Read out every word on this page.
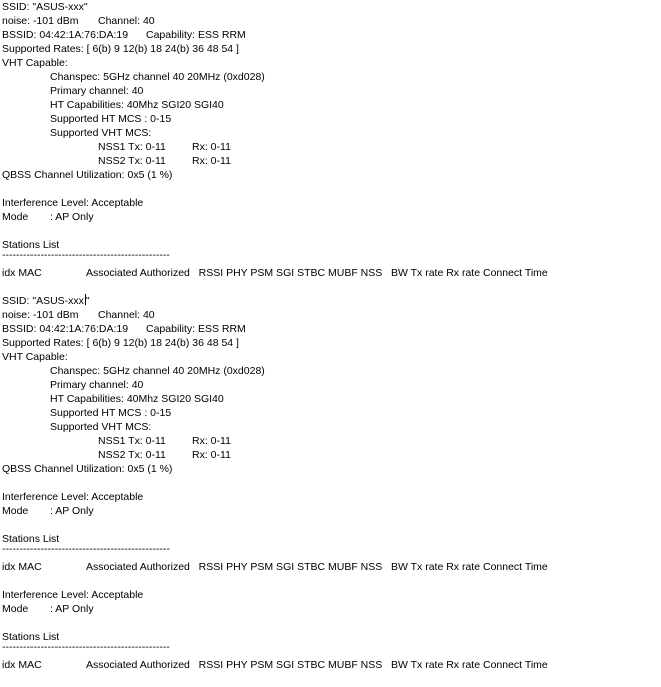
SSID: "ASUS-xxx"
noise: -101 dBm Channel: 40
BSSID: 04:42:1A:76:DA:19 Capability: ESS RRM
Supported Rates: [ 6(b) 9 12(b) 18 24(b) 36 48 54 ]
VHT Capable:
Chanspec: 5GHz channel 40 20MHz (0xd028)
Primary channel: 40
HT Capabilities: 40Mhz SGI20 SGI40
Supported HT MCS : 0-15
Supported VHT MCS:
NSS1 Tx: 0-11 Rx: 0-11
NSS2 Tx: 0-11 Rx: 0-11
QBSS Channel Utilization: 0x5 (1 %)
Interference Level: Acceptable
Mode : AP Only
Stations List
------------------------------------------------
idx MAC	Associated Authorized   RSSI PHY PSM SGI STBC MUBF NSS   BW Tx rate Rx rate Connect Time
SSID: "ASUS-xxx "
noise: -101 dBm Channel: 40
BSSID: 04:42:1A:76:DA:19 Capability: ESS RRM
Supported Rates: [ 6(b) 9 12(b) 18 24(b) 36 48 54 ]
VHT Capable:
Chanspec: 5GHz channel 40 20MHz (0xd028)
Primary channel: 40
HT Capabilities: 40Mhz SGI20 SGI40
Supported HT MCS : 0-15
Supported VHT MCS:
NSS1 Tx: 0-11 Rx: 0-11
NSS2 Tx: 0-11 Rx: 0-11
QBSS Channel Utilization: 0x5 (1 %)
Interference Level: Acceptable
Mode : AP Only
Stations List
------------------------------------------------
idx MAC	Associated Authorized   RSSI PHY PSM SGI STBC MUBF NSS   BW Tx rate Rx rate Connect Time
Interference Level: Acceptable
Mode : AP Only
Stations List
------------------------------------------------
idx MAC	Associated Authorized   RSSI PHY PSM SGI STBC MUBF NSS   BW Tx rate Rx rate Connect Time
